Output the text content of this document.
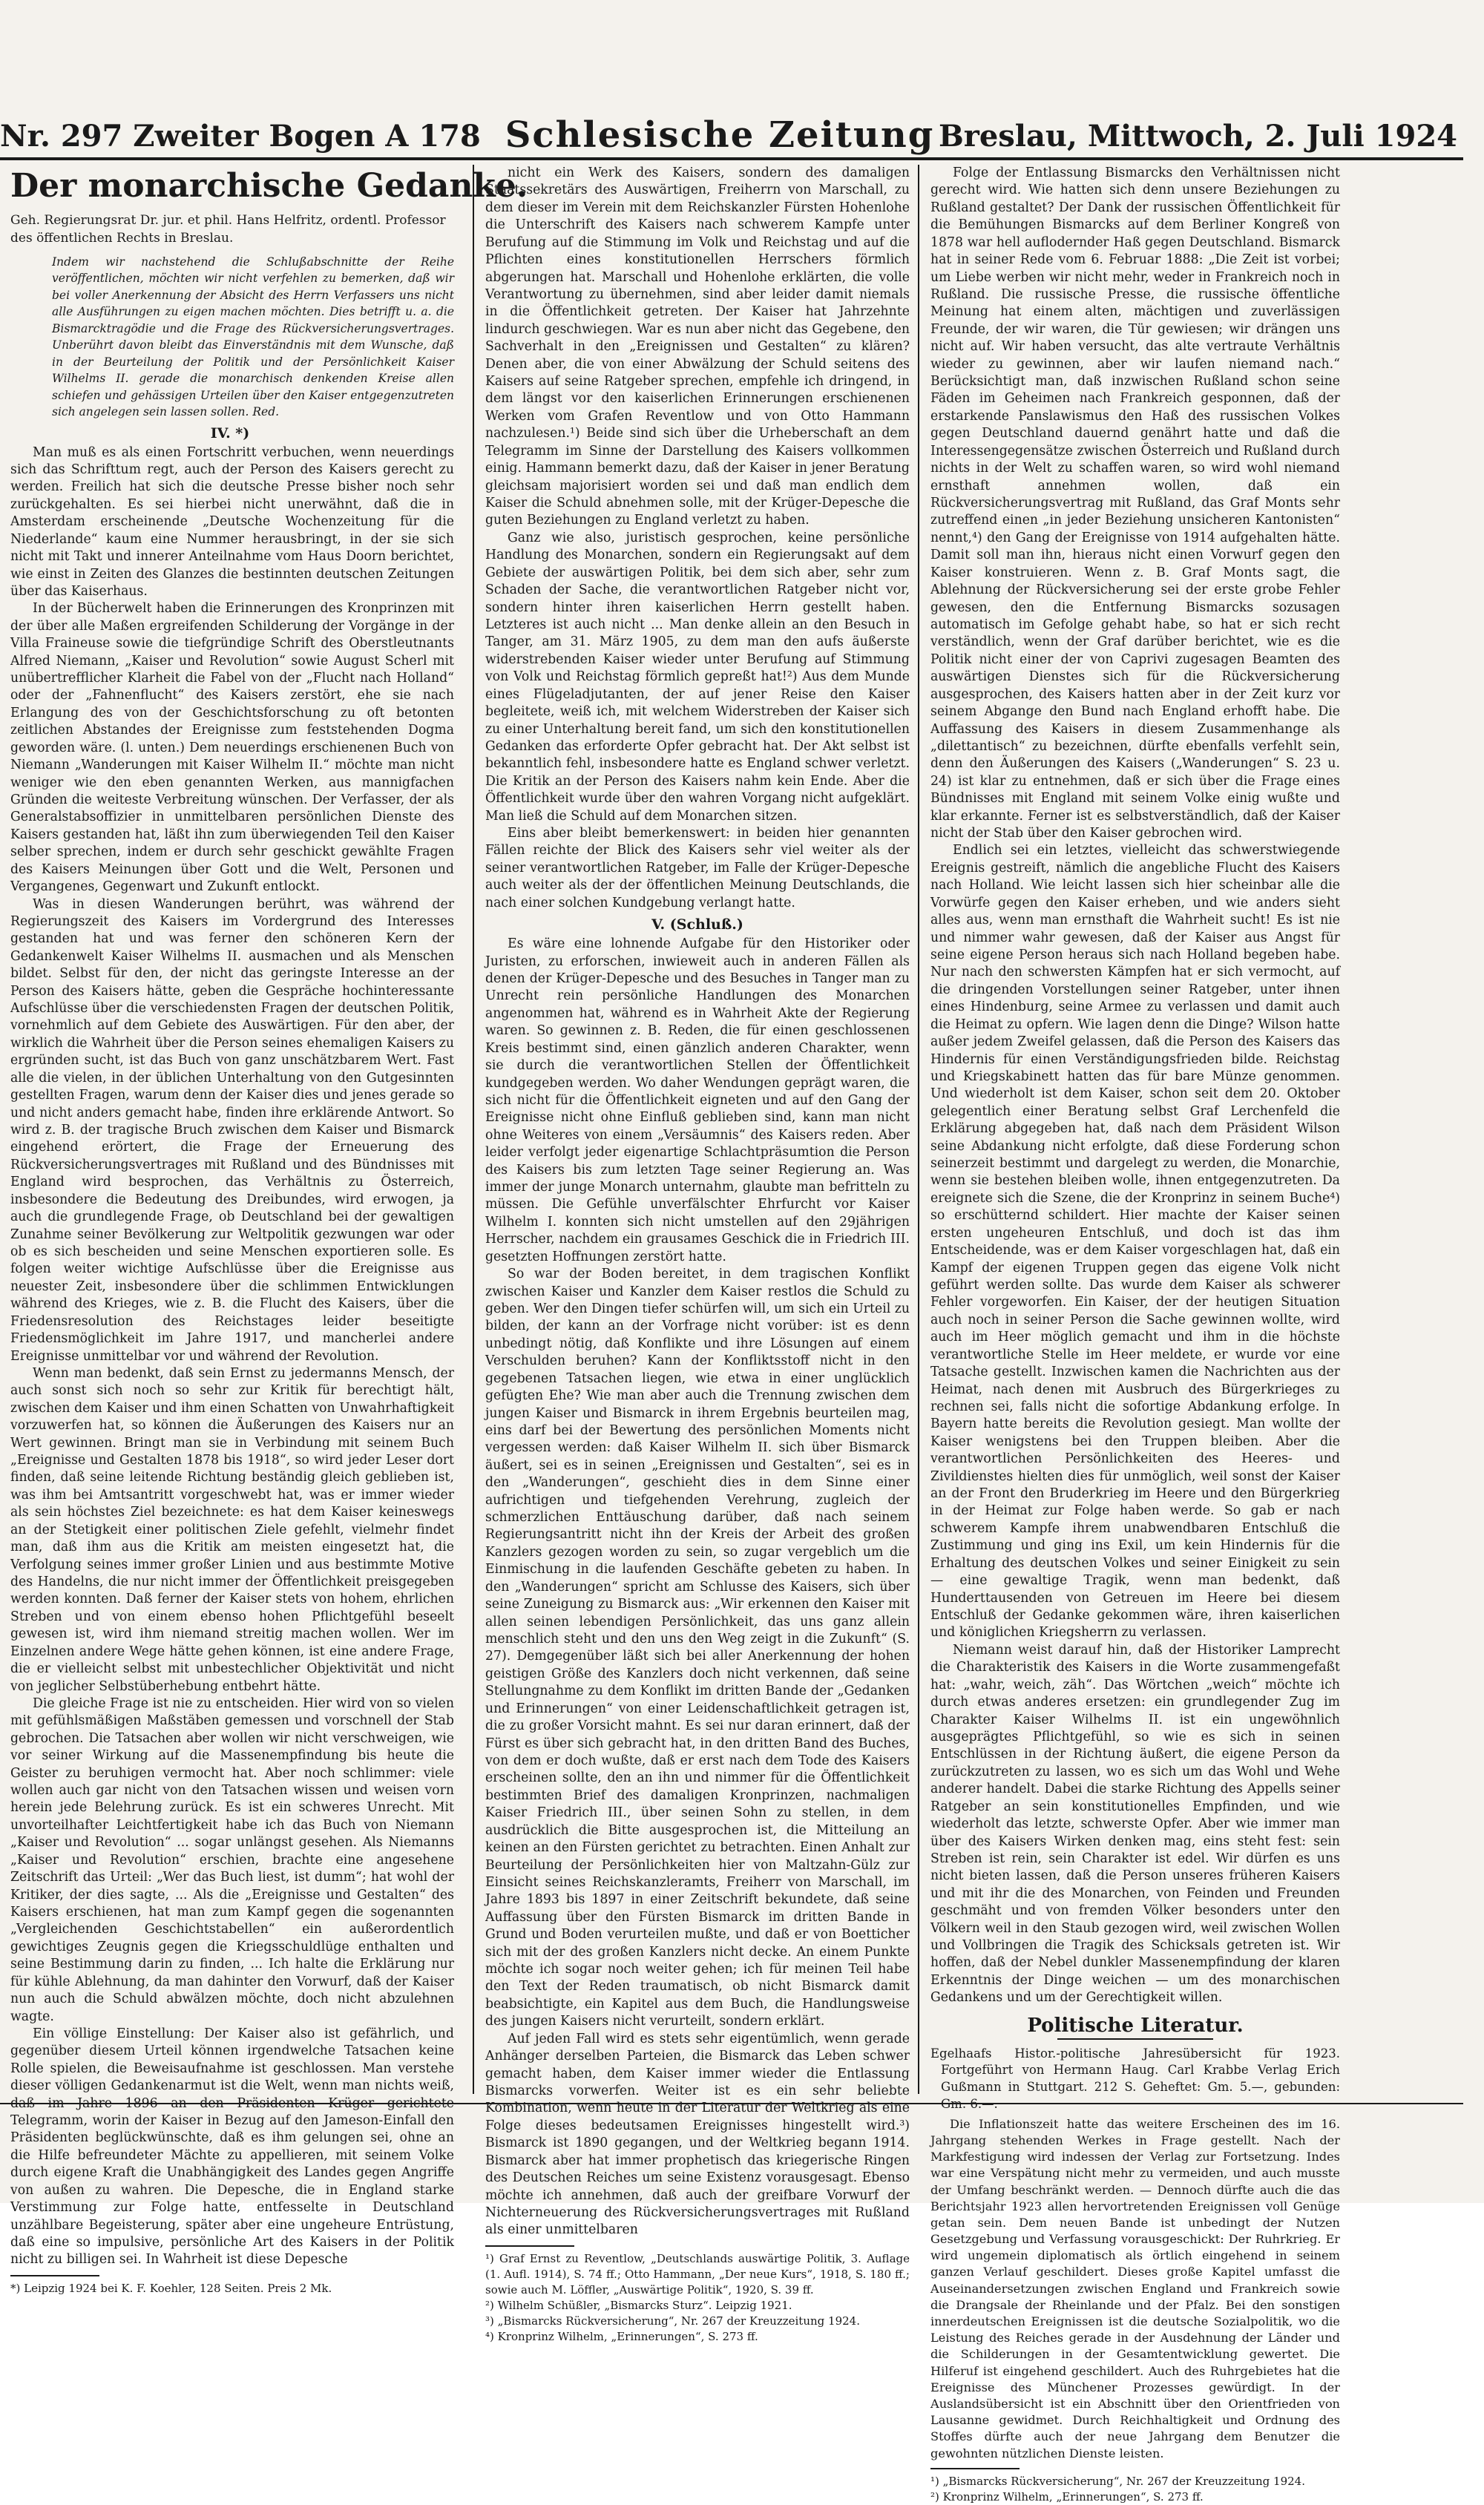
Nr. 297 Zweiter Bogen A 178 Schlesische Zeitung Breslau, Mittwoch, 2. Juli 1924
Der monarchische Gedanke.
Geh. Regierungsrat Dr. jur. et phil. Hans Helfritz, ordentl. Professor des öffentlichen Rechts in Breslau.
Indem wir nachstehend die Schlußabschnitte der Reihe veröffentlichen, möchten wir nicht verfehlen zu bemerken, daß wir bei voller Anerkennung der Absicht des Herrn Verfassers uns nicht alle Ausführungen zu eigen machen möchten. Dies betrifft u. a. die Bismarcktragödie und die Frage des Rückversicherungsvertrages. Unberührt davon bleibt das Einverständnis mit dem Wunsche, daß in der Beurteilung der Politik und der Persönlichkeit Kaiser Wilhelms II. gerade die monarchisch denkenden Kreise allen schiefen und gehässigen Urteilen über den Kaiser entgegenzutreten sich angelegen sein lassen sollen. Red.
IV. *)

Man muß es als einen Fortschritt verbuchen, wenn neuerdings sich das Schrifttum regt, auch der Person des Kaisers gerecht zu werden. Freilich hat sich die deutsche Presse bisher noch sehr zurückgehalten. Es sei hierbei nicht unerwähnt, daß die in Amsterdam erscheinende „Deutsche Wochenzeitung für die Niederlande“ kaum eine Nummer herausbringt, in der sie sich nicht mit Takt und innerer Anteilnahme vom Haus Doorn berichtet, wie einst in Zeiten des Glanzes die bestinnten deutschen Zeitungen über das Kaiserhaus.

In der Bücherwelt haben die Erinnerungen des Kronprinzen mit der über alle Maßen ergreifenden Schilderung der Vorgänge in der Villa Fraineuse sowie die tiefgründige Schrift des Oberstleutnants Alfred Niemann, „Kaiser und Revolution“ sowie August Scherl mit unübertrefflicher Klarheit die Fabel von der „Flucht nach Holland“ oder der „Fahnenflucht“ des Kaisers zerstört, ehe sie nach Erlangung des von der Geschichtsforschung zu oft betonten zeitlichen Abstandes der Ereignisse zum feststehenden Dogma geworden wäre. (l. unten.) Dem neuerdings erschienenen Buch von Niemann „Wanderungen mit Kaiser Wilhelm II.“ möchte man nicht weniger wie den eben genannten Werken, aus mannigfachen Gründen die weiteste Verbreitung wünschen. Der Verfasser, der als Generalstabsoffizier in unmittelbaren persönlichen Dienste des Kaisers gestanden hat, läßt ihn zum überwiegenden Teil den Kaiser selber sprechen, indem er durch sehr geschickt gewählte Fragen des Kaisers Meinungen über Gott und die Welt, Personen und Vergangenes, Gegenwart und Zukunft entlockt.

Was in diesen Wanderungen berührt, was während der Regierungszeit des Kaisers im Vordergrund des Interesses gestanden hat und was ferner den schöneren Kern der Gedankenwelt Kaiser Wilhelms II. ausmachen und als Menschen bildet. Selbst für den, der nicht das geringste Interesse an der Person des Kaisers hätte, geben die Gespräche hochinteressante Aufschlüsse über die verschiedensten Fragen der deutschen Politik, vornehmlich auf dem Gebiete des Auswärtigen. Für den aber, der wirklich die Wahrheit über die Person seines ehemaligen Kaisers zu ergründen sucht, ist das Buch von ganz unschätzbarem Wert. Fast alle die vielen, in der üblichen Unterhaltung von den Gutgesinnten gestellten Fragen, warum denn der Kaiser dies und jenes gerade so und nicht anders gemacht habe, finden ihre erklärende Antwort. So wird z. B. der tragische Bruch zwischen dem Kaiser und Bismarck eingehend erörtert, die Frage der Erneuerung des Rückversicherungsvertrages mit Rußland und des Bündnisses mit England wird besprochen, das Verhältnis zu Österreich, insbesondere die Bedeutung des Dreibundes, wird erwogen, ja auch die grundlegende Frage, ob Deutschland bei der gewaltigen Zunahme seiner Bevölkerung zur Weltpolitik gezwungen war oder ob es sich bescheiden und seine Menschen exportieren solle. Es folgen weiter wichtige Aufschlüsse über die Ereignisse aus neuester Zeit, insbesondere über die schlimmen Entwicklungen während des Krieges, wie z. B. die Flucht des Kaisers, über die Friedensresolution des Reichstages leider beseitigte Friedensmöglichkeit im Jahre 1917, und mancherlei andere Ereignisse unmittelbar vor und während der Revolution.

Wenn man bedenkt, daß sein Ernst zu jedermanns Mensch, der auch sonst sich noch so sehr zur Kritik für berechtigt hält, zwischen dem Kaiser und ihm einen Schatten von Unwahrhaftigkeit vorzuwerfen hat, so können die Äußerungen des Kaisers nur an Wert gewinnen. Bringt man sie in Verbindung mit seinem Buch „Ereignisse und Gestalten 1878 bis 1918“, so wird jeder Leser dort finden, daß seine leitende Richtung beständig gleich geblieben ist, was ihm bei Amtsantritt vorgeschwebt hat, was er immer wieder als sein höchstes Ziel bezeichnete: es hat dem Kaiser keineswegs an der Stetigkeit einer politischen Ziele gefehlt, vielmehr findet man, daß ihm aus die Kritik am meisten eingesetzt hat, die Verfolgung seines immer großer Linien und aus bestimmte Motive des Handelns, die nur nicht immer der Öffentlichkeit preisgegeben werden konnten. Daß ferner der Kaiser stets von hohem, ehrlichen Streben und von einem ebenso hohen Pflichtgefühl beseelt gewesen ist, wird ihm niemand streitig machen wollen. Wer im Einzelnen andere Wege hätte gehen können, ist eine andere Frage, die er vielleicht selbst mit unbestechlicher Objektivität und nicht von jeglicher Selbstüberhebung entbehrt hätte.

Die gleiche Frage ist nie zu entscheiden. Hier wird von so vielen mit gefühlsmäßigen Maßstäben gemessen und vorschnell der Stab gebrochen. Die Tatsachen aber wollen wir nicht verschweigen, wie vor seiner Wirkung auf die Massenempfindung bis heute die Geister zu beruhigen vermocht hat. Aber noch schlimmer: viele wollen auch gar nicht von den Tatsachen wissen und weisen vorn herein jede Belehrung zurück. Es ist ein schweres Unrecht. Mit unvorteilhafter Leichtfertigkeit habe ich das Buch von Niemann „Kaiser und Revolution“ ... sogar unlängst gesehen. Als Niemanns „Kaiser und Revolution“ erschien, brachte eine angesehene Zeitschrift das Urteil: „Wer das Buch liest, ist dumm“; hat wohl der Kritiker, der dies sagte, ... Als die „Ereignisse und Gestalten“ des Kaisers erschienen, hat man zum Kampf gegen die sogenannten „Vergleichenden Geschichtstabellen“ ein außerordentlich gewichtiges Zeugnis gegen die Kriegsschuldlüge enthalten und seine Bestimmung darin zu finden, ... Ich halte die Erklärung nur für kühle Ablehnung, da man dahinter den Vorwurf, daß der Kaiser nun auch die Schuld abwälzen möchte, doch nicht abzulehnen wagte.

Ein völlige Einstellung: Der Kaiser also ist gefährlich, und gegenüber diesem Urteil können irgendwelche Tatsachen keine Rolle spielen, die Beweisaufnahme ist geschlossen. Man verstehe dieser völligen Gedankenarmut ist die Welt, wenn man nichts weiß, daß im Jahre 1896 an den Präsidenten Krüger gerichtete Telegramm, worin der Kaiser in Bezug auf den Jameson-Einfall den Präsidenten beglückwünschte, daß es ihm gelungen sei, ohne an die Hilfe befreundeter Mächte zu appellieren, mit seinem Volke durch eigene Kraft die Unabhängigkeit des Landes gegen Angriffe von außen zu wahren. Die Depesche, die in England starke Verstimmung zur Folge hatte, entfesselte in Deutschland unzählbare Begeisterung, später aber eine ungeheure Entrüstung, daß eine so impulsive, persönliche Art des Kaisers in der Politik nicht zu billigen sei. In Wahrheit ist diese Depesche

*) Leipzig 1924 bei K. F. Koehler, 128 Seiten. Preis 2 Mk.

nicht ein Werk des Kaisers, sondern des damaligen Staatssekretärs des Auswärtigen, Freiherrn von Marschall, zu dem dieser im Verein mit dem Reichskanzler Fürsten Hohenlohe die Unterschrift des Kaisers nach schwerem Kampfe unter Berufung auf die Stimmung im Volk und Reichstag und auf die Pflichten eines konstitutionellen Herrschers förmlich abgerungen hat. Marschall und Hohenlohe erklärten, die volle Verantwortung zu übernehmen, sind aber leider damit niemals in die Öffentlichkeit getreten. Der Kaiser hat Jahrzehnte lindurch geschwiegen. War es nun aber nicht das Gegebene, den Sachverhalt in den „Ereignissen und Gestalten“ zu klären? Denen aber, die von einer Abwälzung der Schuld seitens des Kaisers auf seine Ratgeber sprechen, empfehle ich dringend, in dem längst vor den kaiserlichen Erinnerungen erschienenen Werken vom Grafen Reventlow und von Otto Hammann nachzulesen.¹) Beide sind sich über die Urheberschaft an dem Telegramm im Sinne der Darstellung des Kaisers vollkommen einig. Hammann bemerkt dazu, daß der Kaiser in jener Beratung gleichsam majorisiert worden sei und daß man endlich dem Kaiser die Schuld abnehmen solle, mit der Krüger-Depesche die guten Beziehungen zu England verletzt zu haben.

Ganz wie also, juristisch gesprochen, keine persönliche Handlung des Monarchen, sondern ein Regierungsakt auf dem Gebiete der auswärtigen Politik, bei dem sich aber, sehr zum Schaden der Sache, die verantwortlichen Ratgeber nicht vor, sondern hinter ihren kaiserlichen Herrn gestellt haben. Letzteres ist auch nicht ... Man denke allein an den Besuch in Tanger, am 31. März 1905, zu dem man den aufs äußerste widerstrebenden Kaiser wieder unter Berufung auf Stimmung von Volk und Reichstag förmlich gepreßt hat!²) Aus dem Munde eines Flügeladjutanten, der auf jener Reise den Kaiser begleitete, weiß ich, mit welchem Widerstreben der Kaiser sich zu einer Unterhaltung bereit fand, um sich den konstitutionellen Gedanken das erforderte Opfer gebracht hat. Der Akt selbst ist bekanntlich fehl, insbesondere hatte es England schwer verletzt. Die Kritik an der Person des Kaisers nahm kein Ende. Aber die Öffentlichkeit wurde über den wahren Vorgang nicht aufgeklärt. Man ließ die Schuld auf dem Monarchen sitzen.

Eins aber bleibt bemerkenswert: in beiden hier genannten Fällen reichte der Blick des Kaisers sehr viel weiter als der seiner verantwortlichen Ratgeber, im Falle der Krüger-Depesche auch weiter als der der öffentlichen Meinung Deutschlands, die nach einer solchen Kundgebung verlangt hatte.

V. (Schluß.)

Es wäre eine lohnende Aufgabe für den Historiker oder Juristen, zu erforschen, inwieweit auch in anderen Fällen als denen der Krüger-Depesche und des Besuches in Tanger man zu Unrecht rein persönliche Handlungen des Monarchen angenommen hat, während es in Wahrheit Akte der Regierung waren. So gewinnen z. B. Reden, die für einen geschlossenen Kreis bestimmt sind, einen gänzlich anderen Charakter, wenn sie durch die verantwortlichen Stellen der Öffentlichkeit kundgegeben werden. Wo daher Wendungen geprägt waren, die sich nicht für die Öffentlichkeit eigneten und auf den Gang der Ereignisse nicht ohne Einfluß geblieben sind, kann man nicht ohne Weiteres von einem „Versäumnis“ des Kaisers reden. Aber leider verfolgt jeder eigenartige Schlachtpräsumtion die Person des Kaisers bis zum letzten Tage seiner Regierung an. Was immer der junge Monarch unternahm, glaubte man befritteln zu müssen. Die Gefühle unverfälschter Ehrfurcht vor Kaiser Wilhelm I. konnten sich nicht umstellen auf den 29jährigen Herrscher, nachdem ein grausames Geschick die in Friedrich III. gesetzten Hoffnungen zerstört hatte.

So war der Boden bereitet, in dem tragischen Konflikt zwischen Kaiser und Kanzler dem Kaiser restlos die Schuld zu geben. Wer den Dingen tiefer schürfen will, um sich ein Urteil zu bilden, der kann an der Vorfrage nicht vorüber: ist es denn unbedingt nötig, daß Konflikte und ihre Lösungen auf einem Verschulden beruhen? Kann der Konfliktsstoff nicht in den gegebenen Tatsachen liegen, wie etwa in einer unglücklich gefügten Ehe? Wie man aber auch die Trennung zwischen dem jungen Kaiser und Bismarck in ihrem Ergebnis beurteilen mag, eins darf bei der Bewertung des persönlichen Moments nicht vergessen werden: daß Kaiser Wilhelm II. sich über Bismarck äußert, sei es in seinen „Ereignissen und Gestalten“, sei es in den „Wanderungen“, geschieht dies in dem Sinne einer aufrichtigen und tiefgehenden Verehrung, zugleich der schmerzlichen Enttäuschung darüber, daß nach seinem Regierungsantritt nicht ihn der Kreis der Arbeit des großen Kanzlers gezogen worden zu sein, so zugar vergeblich um die Einmischung in die laufenden Geschäfte gebeten zu haben. In den „Wanderungen“ spricht am Schlusse des Kaisers, sich über seine Zuneigung zu Bismarck aus: „Wir erkennen den Kaiser mit allen seinen lebendigen Persönlichkeit, das uns ganz allein menschlich steht und den uns den Weg zeigt in die Zukunft“ (S. 27). Demgegenüber läßt sich bei aller Anerkennung der hohen geistigen Größe des Kanzlers doch nicht verkennen, daß seine Stellungnahme zu dem Konflikt im dritten Bande der „Gedanken und Erinnerungen“ von einer Leidenschaftlichkeit getragen ist, die zu großer Vorsicht mahnt. Es sei nur daran erinnert, daß der Fürst es über sich gebracht hat, in den dritten Band des Buches, von dem er doch wußte, daß er erst nach dem Tode des Kaisers erscheinen sollte, den an ihn und nimmer für die Öffentlichkeit bestimmten Brief des damaligen Kronprinzen, nachmaligen Kaiser Friedrich III., über seinen Sohn zu stellen, in dem ausdrücklich die Bitte ausgesprochen ist, die Mitteilung an keinen an den Fürsten gerichtet zu betrachten. Einen Anhalt zur Beurteilung der Persönlichkeiten hier von Maltzahn-Gülz zur Einsicht seines Reichskanzleramts, Freiherr von Marschall, im Jahre 1893 bis 1897 in einer Zeitschrift bekundete, daß seine Auffassung über den Fürsten Bismarck im dritten Bande in Grund und Boden verurteilen mußte, und daß er von Boetticher sich mit der des großen Kanzlers nicht decke. An einem Punkte möchte ich sogar noch weiter gehen; ich für meinen Teil habe den Text der Reden traumatisch, ob nicht Bismarck damit beabsichtigte, ein Kapitel aus dem Buch, die Handlungsweise des jungen Kaisers nicht verurteilt, sondern erklärt.

Auf jeden Fall wird es stets sehr eigentümlich, wenn gerade Anhänger derselben Parteien, die Bismarck das Leben schwer gemacht haben, dem Kaiser immer wieder die Entlassung Bismarcks vorwerfen. Weiter ist es ein sehr beliebte Kombination, wenn heute in der Literatur der Weltkrieg als eine Folge dieses bedeutsamen Ereignisses hingestellt wird.³) Bismarck ist 1890 gegangen, und der Weltkrieg begann 1914. Bismarck aber hat immer prophetisch das kriegerische Ringen des Deutschen Reiches um seine Existenz vorausgesagt. Ebenso möchte ich annehmen, daß auch der greifbare Vorwurf der Nichterneuerung des Rückversicherungsvertrages mit Rußland als einer unmittelbaren

¹) Graf Ernst zu Reventlow, „Deutschlands auswärtige Politik, 3. Auflage (1. Aufl. 1914), S. 74 ff.; Otto Hammann, „Der neue Kurs“, 1918, S. 180 ff.; sowie auch M. Löffler, „Auswärtige Politik“, 1920, S. 39 ff.
²) Wilhelm Schüßler, „Bismarcks Sturz“. Leipzig 1921.
³) „Bismarcks Rückversicherung“, Nr. 267 der Kreuzzeitung 1924.
⁴) Kronprinz Wilhelm, „Erinnerungen“, S. 273 ff.

Folge der Entlassung Bismarcks den Verhältnissen nicht gerecht wird. Wie hatten sich denn unsere Beziehungen zu Rußland gestaltet? Der Dank der russischen Öffentlichkeit für die Bemühungen Bismarcks auf dem Berliner Kongreß von 1878 war hell auflodernder Haß gegen Deutschland. Bismarck hat in seiner Rede vom 6. Februar 1888: „Die Zeit ist vorbei; um Liebe werben wir nicht mehr, weder in Frankreich noch in Rußland. Die russische Presse, die russische öffentliche Meinung hat einem alten, mächtigen und zuverlässigen Freunde, der wir waren, die Tür gewiesen; wir drängen uns nicht auf. Wir haben versucht, das alte vertraute Verhältnis wieder zu gewinnen, aber wir laufen niemand nach.“ Berücksichtigt man, daß inzwischen Rußland schon seine Fäden im Geheimen nach Frankreich gesponnen, daß der erstarkende Panslawismus den Haß des russischen Volkes gegen Deutschland dauernd genährt hatte und daß die Interessengegensätze zwischen Österreich und Rußland durch nichts in der Welt zu schaffen waren, so wird wohl niemand ernsthaft annehmen wollen, daß ein Rückversicherungsvertrag mit Rußland, das Graf Monts sehr zutreffend einen „in jeder Beziehung unsicheren Kantonisten“ nennt,⁴) den Gang der Ereignisse von 1914 aufgehalten hätte. Damit soll man ihn, hieraus nicht einen Vorwurf gegen den Kaiser konstruieren. Wenn z. B. Graf Monts sagt, die Ablehnung der Rückversicherung sei der erste grobe Fehler gewesen, den die Entfernung Bismarcks sozusagen automatisch im Gefolge gehabt habe, so hat er sich recht verständlich, wenn der Graf darüber berichtet, wie es die Politik nicht einer der von Caprivi zugesagen Beamten des auswärtigen Dienstes sich für die Rückversicherung ausgesprochen, des Kaisers hatten aber in der Zeit kurz vor seinem Abgange den Bund nach England erhofft habe. Die Auffassung des Kaisers in diesem Zusammenhange als „dilettantisch“ zu bezeichnen, dürfte ebenfalls verfehlt sein, denn den Äußerungen des Kaisers („Wanderungen“ S. 23 u. 24) ist klar zu entnehmen, daß er sich über die Frage eines Bündnisses mit England mit seinem Volke einig wußte und klar erkannte. Ferner ist es selbstverständlich, daß der Kaiser nicht der Stab über den Kaiser gebrochen wird.

Endlich sei ein letztes, vielleicht das schwerstwiegende Ereignis gestreift, nämlich die angebliche Flucht des Kaisers nach Holland. Wie leicht lassen sich hier scheinbar alle die Vorwürfe gegen den Kaiser erheben, und wie anders sieht alles aus, wenn man ernsthaft die Wahrheit sucht! Es ist nie und nimmer wahr gewesen, daß der Kaiser aus Angst für seine eigene Person heraus sich nach Holland begeben habe. Nur nach den schwersten Kämpfen hat er sich vermocht, auf die dringenden Vorstellungen seiner Ratgeber, unter ihnen eines Hindenburg, seine Armee zu verlassen und damit auch die Heimat zu opfern. Wie lagen denn die Dinge? Wilson hatte außer jedem Zweifel gelassen, daß die Person des Kaisers das Hindernis für einen Verständigungsfrieden bilde. Reichstag und Kriegskabinett hatten das für bare Münze genommen. Und wiederholt ist dem Kaiser, schon seit dem 20. Oktober gelegentlich einer Beratung selbst Graf Lerchenfeld die Erklärung abgegeben hat, daß nach dem Präsident Wilson seine Abdankung nicht erfolgte, daß diese Forderung schon seinerzeit bestimmt und dargelegt zu werden, die Monarchie, wenn sie bestehen bleiben wolle, ihnen entgegenzutreten. Da ereignete sich die Szene, die der Kronprinz in seinem Buche⁴) so erschütternd schildert. Hier machte der Kaiser seinen ersten ungeheuren Entschluß, und doch ist das ihm Entscheidende, was er dem Kaiser vorgeschlagen hat, daß ein Kampf der eigenen Truppen gegen das eigene Volk nicht geführt werden sollte. Das wurde dem Kaiser als schwerer Fehler vorgeworfen. Ein Kaiser, der der heutigen Situation auch noch in seiner Person die Sache gewinnen wollte, wird auch im Heer möglich gemacht und ihm in die höchste verantwortliche Stelle im Heer meldete, er wurde vor eine Tatsache gestellt. Inzwischen kamen die Nachrichten aus der Heimat, nach denen mit Ausbruch des Bürgerkrieges zu rechnen sei, falls nicht die sofortige Abdankung erfolge. In Bayern hatte bereits die Revolution gesiegt. Man wollte der Kaiser wenigstens bei den Truppen bleiben. Aber die verantwortlichen Persönlichkeiten des Heeres- und Zivildienstes hielten dies für unmöglich, weil sonst der Kaiser an der Front den Bruderkrieg im Heere und den Bürgerkrieg in der Heimat zur Folge haben werde. So gab er nach schwerem Kampfe ihrem unabwendbaren Entschluß die Zustimmung und ging ins Exil, um kein Hindernis für die Erhaltung des deutschen Volkes und seiner Einigkeit zu sein — eine gewaltige Tragik, wenn man bedenkt, daß Hunderttausenden von Getreuen im Heere bei diesem Entschluß der Gedanke gekommen wäre, ihren kaiserlichen und königlichen Kriegsherrn zu verlassen.

Niemann weist darauf hin, daß der Historiker Lamprecht die Charakteristik des Kaisers in die Worte zusammengefaßt hat: „wahr, weich, zäh“. Das Wörtchen „weich“ möchte ich durch etwas anderes ersetzen: ein grundlegender Zug im Charakter Kaiser Wilhelms II. ist ein ungewöhnlich ausgeprägtes Pflichtgefühl, so wie es sich in seinen Entschlüssen in der Richtung äußert, die eigene Person da zurückzutreten zu lassen, wo es sich um das Wohl und Wehe anderer handelt. Dabei die starke Richtung des Appells seiner Ratgeber an sein konstitutionelles Empfinden, und wie wiederholt das letzte, schwerste Opfer. Aber wie immer man über des Kaisers Wirken denken mag, eins steht fest: sein Streben ist rein, sein Charakter ist edel. Wir dürfen es uns nicht bieten lassen, daß die Person unseres früheren Kaisers und mit ihr die des Monarchen, von Feinden und Freunden geschmäht und von fremden Völker besonders unter den Völkern weil in den Staub gezogen wird, weil zwischen Wollen und Vollbringen die Tragik des Schicksals getreten ist. Wir hoffen, daß der Nebel dunkler Massenempfindung der klaren Erkenntnis der Dinge weichen — um des monarchischen Gedankens und um der Gerechtigkeit willen.

Politische Literatur.
Egelhaafs Histor.-politische Jahresübersicht für 1923. Fortgeführt von Hermann Haug. Carl Krabbe Verlag Erich Gußmann in Stuttgart. 212 S. Geheftet: Gm. 5.—, gebunden: Gm. 6.—.

Die Inflationszeit hatte das weitere Erscheinen des im 16. Jahrgang stehenden Werkes in Frage gestellt. Nach der Markfestigung wird indessen der Verlag zur Fortsetzung. Indes war eine Verspätung nicht mehr zu vermeiden, und auch musste der Umfang beschränkt werden. — Dennoch dürfte auch die das Berichtsjahr 1923 allen hervortretenden Ereignissen voll Genüge getan sein. Dem neuen Bande ist unbedingt der Nutzen Gesetzgebung und Verfassung vorausgeschickt: Der Ruhrkrieg. Er wird ungemein diplomatisch als örtlich eingehend in seinem ganzen Verlauf geschildert. Dieses große Kapitel umfasst die Auseinandersetzungen zwischen England und Frankreich sowie die Drangsale der Rheinlande und der Pfalz. Bei den sonstigen innerdeutschen Ereignissen ist die deutsche Sozialpolitik, wo die Leistung des Reiches gerade in der Ausdehnung der Länder und die Schilderungen in der Gesamtentwicklung gewertet. Die Hilferuf ist eingehend geschildert. Auch des Ruhrgebietes hat die Ereignisse des Münchener Prozesses gewürdigt. In der Auslandsübersicht ist ein Abschnitt über den Orientfrieden von Lausanne gewidmet. Durch Reichhaltigkeit und Ordnung des Stoffes dürfte auch der neue Jahrgang dem Benutzer die gewohnten nützlichen Dienste leisten.

¹) „Bismarcks Rückversicherung“, Nr. 267 der Kreuzzeitung 1924.
²) Kronprinz Wilhelm, „Erinnerungen“, S. 273 ff.
